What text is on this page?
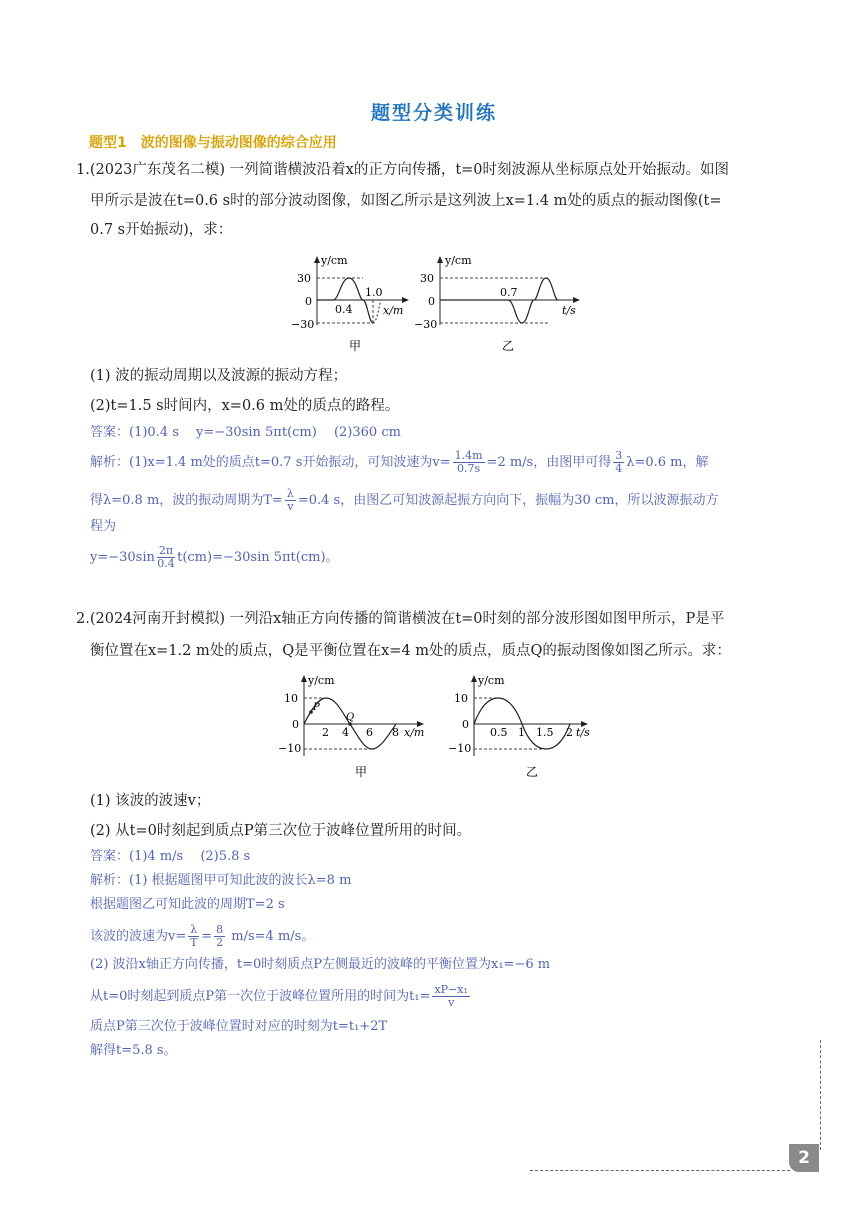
题型分类训练
题型1　波的图像与振动图像的综合应用
1.(2023广东茂名二模) 一列简谐横波沿着x的正方向传播，t=0时刻波源从坐标原点处开始振动。如图
甲所示是波在t=0.6 s时的部分波动图像，如图乙所示是这列波上x=1.4 m处的质点的振动图像(t=
0.7 s开始振动)，求：
y/cm
30
0
−30
0.4
1.0
x/m
甲
y/cm
30
0
−30
0.7
t/s
乙
(1) 波的振动周期以及波源的振动方程；
(2)t=1.5 s时间内，x=0.6 m处的质点的路程。
答案：(1)0.4 s　 y=−30sin 5πt(cm)　 (2)360 cm
解析：(1)x=1.4 m处的质点t=0.7 s开始振动，可知波速为$v= \frac{1.4m}{0.7s} =2$ m/s，由图甲可得 $\frac{3}{4} \lambda=0.6$ m，解
得λ=0.8 m，波的振动周期为$T= \frac{\lambda}{v} =0.4$ s，由图乙可知波源起振方向向下，振幅为30 cm，所以波源振动方
程为
$y=-30\sin \frac{2\pi}{0.4} t(cm)=-30\sin$ 5πt(cm)。
2.(2024河南开封模拟) 一列沿x轴正方向传播的简谐横波在t=0时刻的部分波形图如图甲所示，P是平
衡位置在x=1.2 m处的质点，Q是平衡位置在x=4 m处的质点，质点Q的振动图像如图乙所示。求：
y/cm
10
0
−10
P
Q
2 4 6 8 x/m
甲
y/cm
10
0
−10
0.5 1 1.5 2 t/s
乙
(1) 该波的波速v；
(2) 从t=0时刻起到质点P第三次位于波峰位置所用的时间。
答案：(1)4 m/s　 (2)5.8 s
解析：(1) 根据题图甲可知此波的波长λ=8 m
根据题图乙可知此波的周期T=2 s
该波的波速为$v= \frac{\lambda}{T} = \frac{8}{2} m/s=4$ m/s。
(2) 波沿x轴正方向传播，t=0时刻质点P左侧最近的波峰的平衡位置为x₁=−6 m
从t=0时刻起到质点P第一次位于波峰位置所用的时间为$t_1= \frac{\text{xP−x₁}}{v}$
质点P第三次位于波峰位置时对应的时刻为t=t₁+2T
解得t=5.8 s。
2
